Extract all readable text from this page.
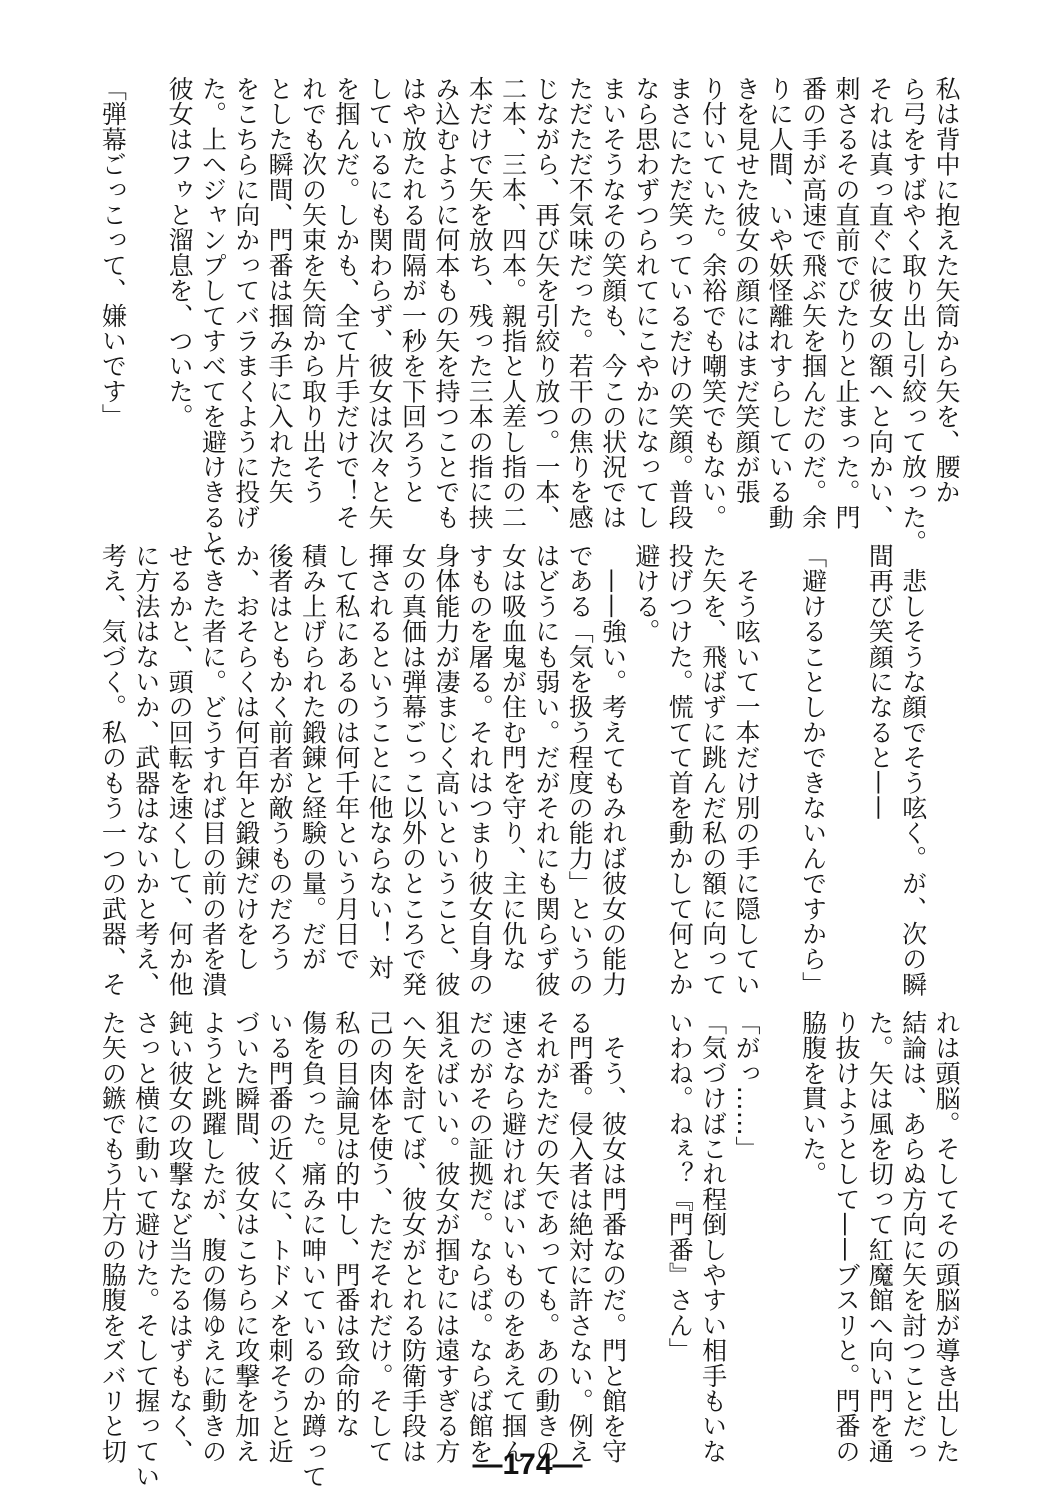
私は背中に抱えた矢筒から矢を、腰か
ら弓をすばやく取り出し引絞って放った。
それは真っ直ぐに彼女の額へと向かい、
刺さるその直前でぴたりと止まった。門
番の手が高速で飛ぶ矢を掴んだのだ。余
りに人間、いや妖怪離れすらしている動
きを見せた彼女の顔にはまだ笑顔が張
り付いていた。余裕でも嘲笑でもない。
まさにただ笑っているだけの笑顔。普段
なら思わずつられてにこやかになってし
まいそうなその笑顔も、今この状況では
ただただ不気味だった。若干の焦りを感
じながら、再び矢を引絞り放つ。一本、
二本、三本、四本。親指と人差し指の二
本だけで矢を放ち、残った三本の指に挟
み込むように何本もの矢を持つことでも
はや放たれる間隔が一秒を下回ろうと
しているにも関わらず、彼女は次々と矢
を掴んだ。しかも、全て片手だけで！そ
れでも次の矢束を矢筒から取り出そう
とした瞬間、門番は掴み手に入れた矢
をこちらに向かってバラまくように投げ
た。上へジャンプしてすべてを避けきると、
彼女はフゥと溜息を、ついた。
「弾幕ごっこって、嫌いです」
　悲しそうな顔でそう呟く。が、次の瞬
間再び笑顔になると——
「避けることしかできないんですから」
　そう呟いて一本だけ別の手に隠してい
た矢を、飛ばずに跳んだ私の額に向って
投げつけた。慌てて首を動かして何とか
避ける。
　——強い。考えてもみれば彼女の能力
である「気を扱う程度の能力」というの
はどうにも弱い。だがそれにも関らず彼
女は吸血鬼が住む門を守り、主に仇な
すものを屠る。それはつまり彼女自身の
身体能力が凄まじく高いということ、彼
女の真価は弾幕ごっこ以外のところで発
揮されるということに他ならない！ 対
して私にあるのは何千年という月日で
積み上げられた鍛錬と経験の量。だが
後者はともかく前者が敵うものだろう
か、おそらくは何百年と鍛錬だけをし
てきた者に。どうすれば目の前の者を潰
せるかと、頭の回転を速くして、何か他
に方法はないか、武器はないかと考え、
考え、気づく。私のもう一つの武器、そ
れは頭脳。そしてその頭脳が導き出した
結論は、あらぬ方向に矢を討つことだっ
た。矢は風を切って紅魔館へ向い門を通
り抜けようとして——ブスリと。門番の
脇腹を貫いた。
「がっ……」
「気づけばこれ程倒しやすい相手もいな
いわね。ねぇ？『門番』さん」
　そう、彼女は門番なのだ。門と館を守
る門番。侵入者は絶対に許さない。例え
それがただの矢であっても。あの動きの
速さなら避ければいいものをあえて掴ん
だのがその証拠だ。ならば。ならば館を
狙えばいい。彼女が掴むには遠すぎる方
へ矢を討てば、彼女がとれる防衛手段は
己の肉体を使う、ただそれだけ。そして
私の目論見は的中し、門番は致命的な
傷を負った。痛みに呻いているのか蹲って
いる門番の近くに、トドメを刺そうと近
づいた瞬間、彼女はこちらに攻撃を加え
ようと跳躍したが、腹の傷ゆえに動きの
鈍い彼女の攻撃など当たるはずもなく、
さっと横に動いて避けた。そして握ってい
た矢の鏃でもう片方の脇腹をズバリと切
—174—
